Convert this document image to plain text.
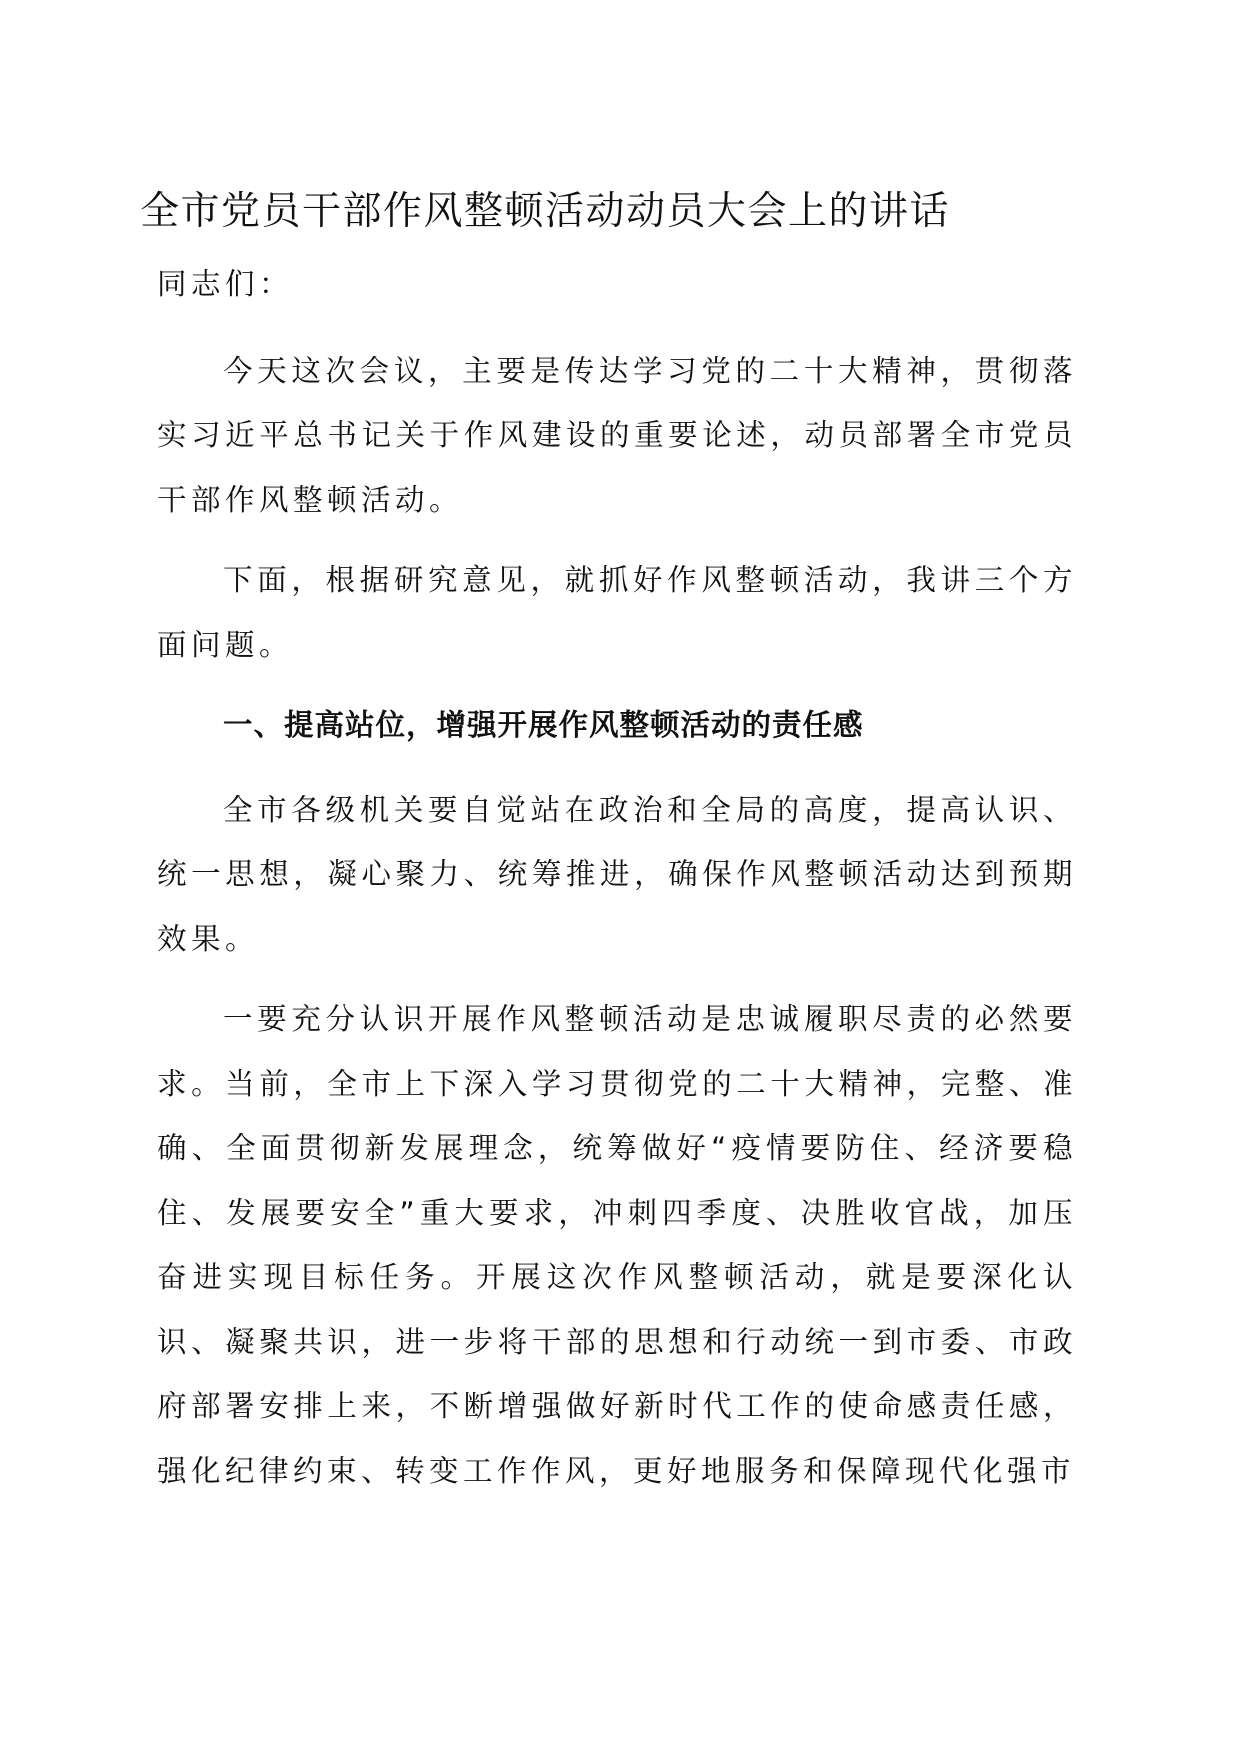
全市党员干部作风整顿活动动员大会上的讲话

同志们：

今天这次会议，主要是传达学习党的二十大精神，贯彻落实习近平总书记关于作风建设的重要论述，动员部署全市党员干部作风整顿活动。

下面，根据研究意见，就抓好作风整顿活动，我讲三个方面问题。

一、提高站位，增强开展作风整顿活动的责任感

全市各级机关要自觉站在政治和全局的高度，提高认识、统一思想，凝心聚力、统筹推进，确保作风整顿活动达到预期效果。

一要充分认识开展作风整顿活动是忠诚履职尽责的必然要求。当前，全市上下深入学习贯彻党的二十大精神，完整、准确、全面贯彻新发展理念，统筹做好“疫情要防住、经济要稳住、发展要安全”重大要求，冲刺四季度、决胜收官战，加压奋进实现目标任务。开展这次作风整顿活动，就是要深化认识、凝聚共识，进一步将干部的思想和行动统一到市委、市政府部署安排上来，不断增强做好新时代工作的使命感责任感，强化纪律约束、转变工作作风，更好地服务和保障现代化强市
